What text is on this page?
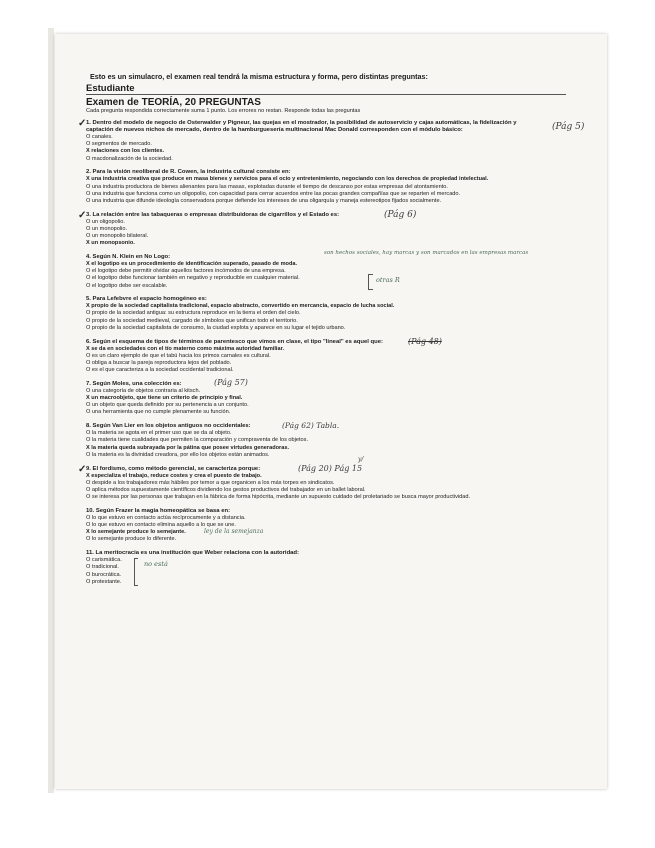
Esto es un simulacro, el examen real tendrá la misma estructura y forma, pero distintas preguntas:
Estudiante
Examen de TEORÍA, 20 PREGUNTAS
Cada pregunta respondida correctamente suma 1 punto. Los errores no restan. Responde todas las preguntas
✓ 1. Dentro del modelo de negocio de Osterwalder y Pigneur, las quejas en el mostrador, la posibilidad de autoservicio y cajas automáticas, la fidelización y captación de nuevos nichos de mercado, dentro de la hamburguesería multinacional Mac Donald corresponden con el módulo básico:
O canales.
O segmentos de mercado.
X relaciones con los clientes.
O macdonalización de la sociedad.
(Pág 5)
2. Para la visión neoliberal de R. Cowen, la industria cultural consiste en:
X una industria creativa que produce en masa bienes y servicios para el ocio y entretenimiento, negociando con los derechos de propiedad intelectual.
O una industria productora de bienes alienantes para las masas, explotadas durante el tiempo de descanso por estas empresas del atontamiento.
O una industria que funciona como un oligopolio, con capacidad para cerrar acuerdos entre las pocas grandes compañías que se reparten el mercado.
O una industria que difunde ideología conservadora porque defiende los intereses de una oligarquía y maneja estereotipos fijados socialmente.
✓ 3. La relación entre las tabaqueras o empresas distribuidoras de cigarrillos y el Estado es:
O un oligopolio.
O un monopolio.
O un monopolio bilateral.
X un monopsonio.
(Pág 6)
4. Según N. Klein en No Logo:
X el logotipo es un procedimiento de identificación superado, pasado de moda.
O el logotipo debe permitir olvidar aquellos factores incómodos de una empresa.
O el logotipo debe funcionar también en negativo y reproducible en cualquier material.
O el logotipo debe ser escalable.
son hechos sociales, hay marcas y son marcados en las empresas marcas
otras R
5. Para Lefebvre el espacio homogéneo es:
X propio de la sociedad capitalista tradicional, espacio abstracto, convertido en mercancía, espacio de lucha social.
O propio de la sociedad antigua: su estructura reproduce en la tierra el orden del cielo.
O propio de la sociedad medieval, cargado de símbolos que unifican todo el territorio.
O propio de la sociedad capitalista de consumo, la ciudad explota y aparece en su lugar el tejido urbano.
6. Según el esquema de tipos de términos de parentesco que vimos en clase, el tipo "lineal" es aquel que:
X se da en sociedades con el tío materno como máxima autoridad familiar.
O es un claro ejemplo de que el tabú hacia los primos carnales es cultural.
O obliga a buscar la pareja reproductora lejos del poblado.
O es el que caracteriza a la sociedad occidental tradicional.
(Pág 48)
7. Según Moles, una colección es:
O una categoría de objetos contraria al kitsch.
X un macroobjeto, que tiene un criterio de principio y final.
O un objeto que queda definido por su pertenencia a un conjunto.
O una herramienta que no cumple plenamente su función.
(Pág 57)
8. Según Van Lier en los objetos antiguos no occidentales:
O la materia se agota en el primer uso que se da al objeto.
O la materia tiene cualidades que permiten la comparación y compraventa de los objetos.
X la materia queda subrayada por la pátina que posee virtudes generadoras.
O la materia es la divinidad creadora, por ello los objetos están animados.
(Pág 62) Tabla.
✓ 9. El fordismo, como método gerencial, se caracteriza porque:
X especializa el trabajo, reduce costes y crea el puesto de trabajo.
O despide a los trabajadores más hábiles por temor a que organicen a los más torpes en sindicatos.
O aplica métodos supuestamente científicos dividiendo los gestos productivos del trabajador en un ballet laboral.
O se interesa por las personas que trabajan en la fábrica de forma hipócrita, mediante un supuesto cuidado del proletariado se busca mayor productividad.
(Pág 20) Pág 15
y/
10. Según Frazer la magia homeopática se basa en:
O lo que estuvo en contacto actúa recíprocamente y a distancia.
O lo que estuvo en contacto elimina aquello a lo que se une.
X lo semejante produce lo semejante.
O lo semejante produce lo diferente.
ley de la semejanza
11. La meritocracia es una institución que Weber relaciona con la autoridad:
O carismática.
O tradicional.
O burocrática.
O protestante.
no está
